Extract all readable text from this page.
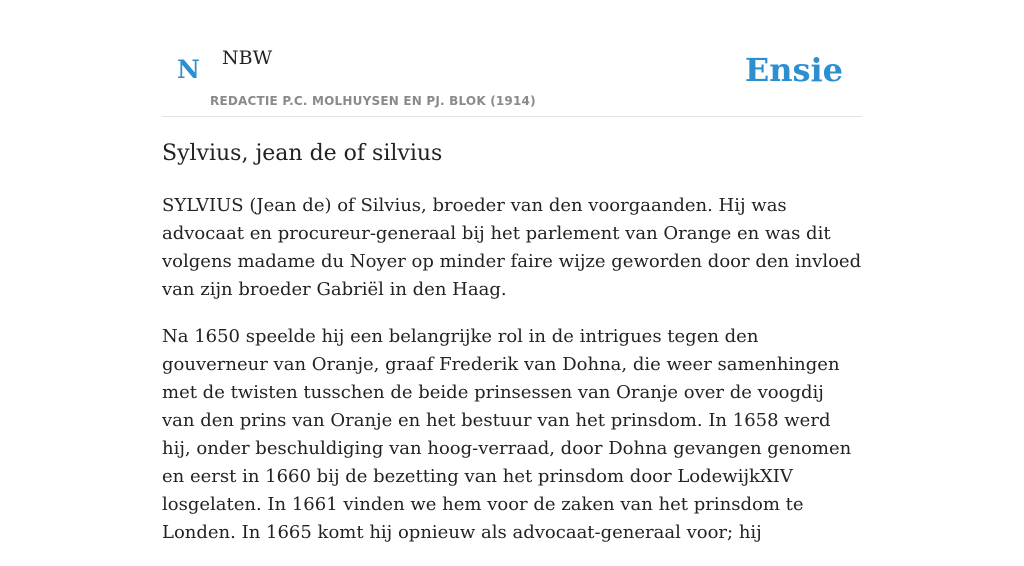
N NBW
REDACTIE P.C. MOLHUYSEN EN PJ. BLOK (1914)
Ensie
Sylvius, jean de of silvius

SYLVIUS (Jean de) of Silvius, broeder van den voorgaanden. Hij was advocaat en procureur-generaal bij het parlement van Orange en was dit volgens madame du Noyer op minder faire wijze geworden door den invloed van zijn broeder Gabriël in den Haag.

Na 1650 speelde hij een belangrijke rol in de intrigues tegen den gouverneur van Oranje, graaf Frederik van Dohna, die weer samenhingen met de twisten tusschen de beide prinsessen van Oranje over de voogdij van den prins van Oranje en het bestuur van het prinsdom. In 1658 werd hij, onder beschuldiging van hoog-verraad, door Dohna gevangen genomen en eerst in 1660 bij de bezetting van het prinsdom door LodewijkXIV losgelaten. In 1661 vinden we hem voor de zaken van het prinsdom te Londen. In 1665 komt hij opnieuw als advocaat-generaal voor; hij
